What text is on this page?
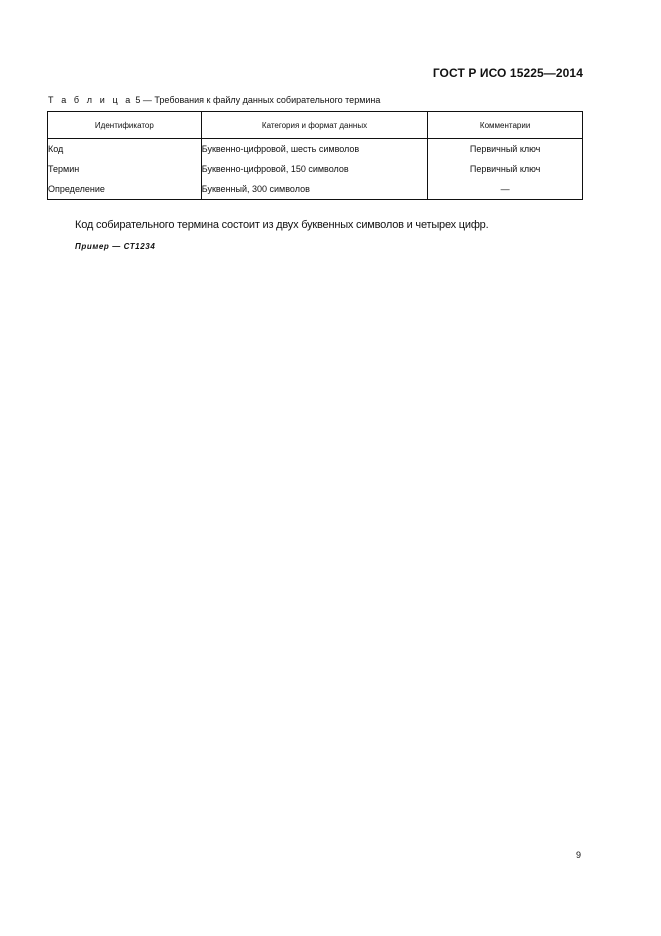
ГОСТ Р ИСО 15225—2014
Т а б л и ц а 5 — Требования к файлу данных собирательного термина
Идентификатор	Категория и формат данных	Комментарии
Код	Буквенно-цифровой, шесть символов	Первичный ключ
Термин	Буквенно-цифровой, 150 символов	Первичный ключ
Определение	Буквенный, 300 символов	—
Код собирательного термина состоит из двух буквенных символов и четырех цифр.
Пример — СТ1234
9
